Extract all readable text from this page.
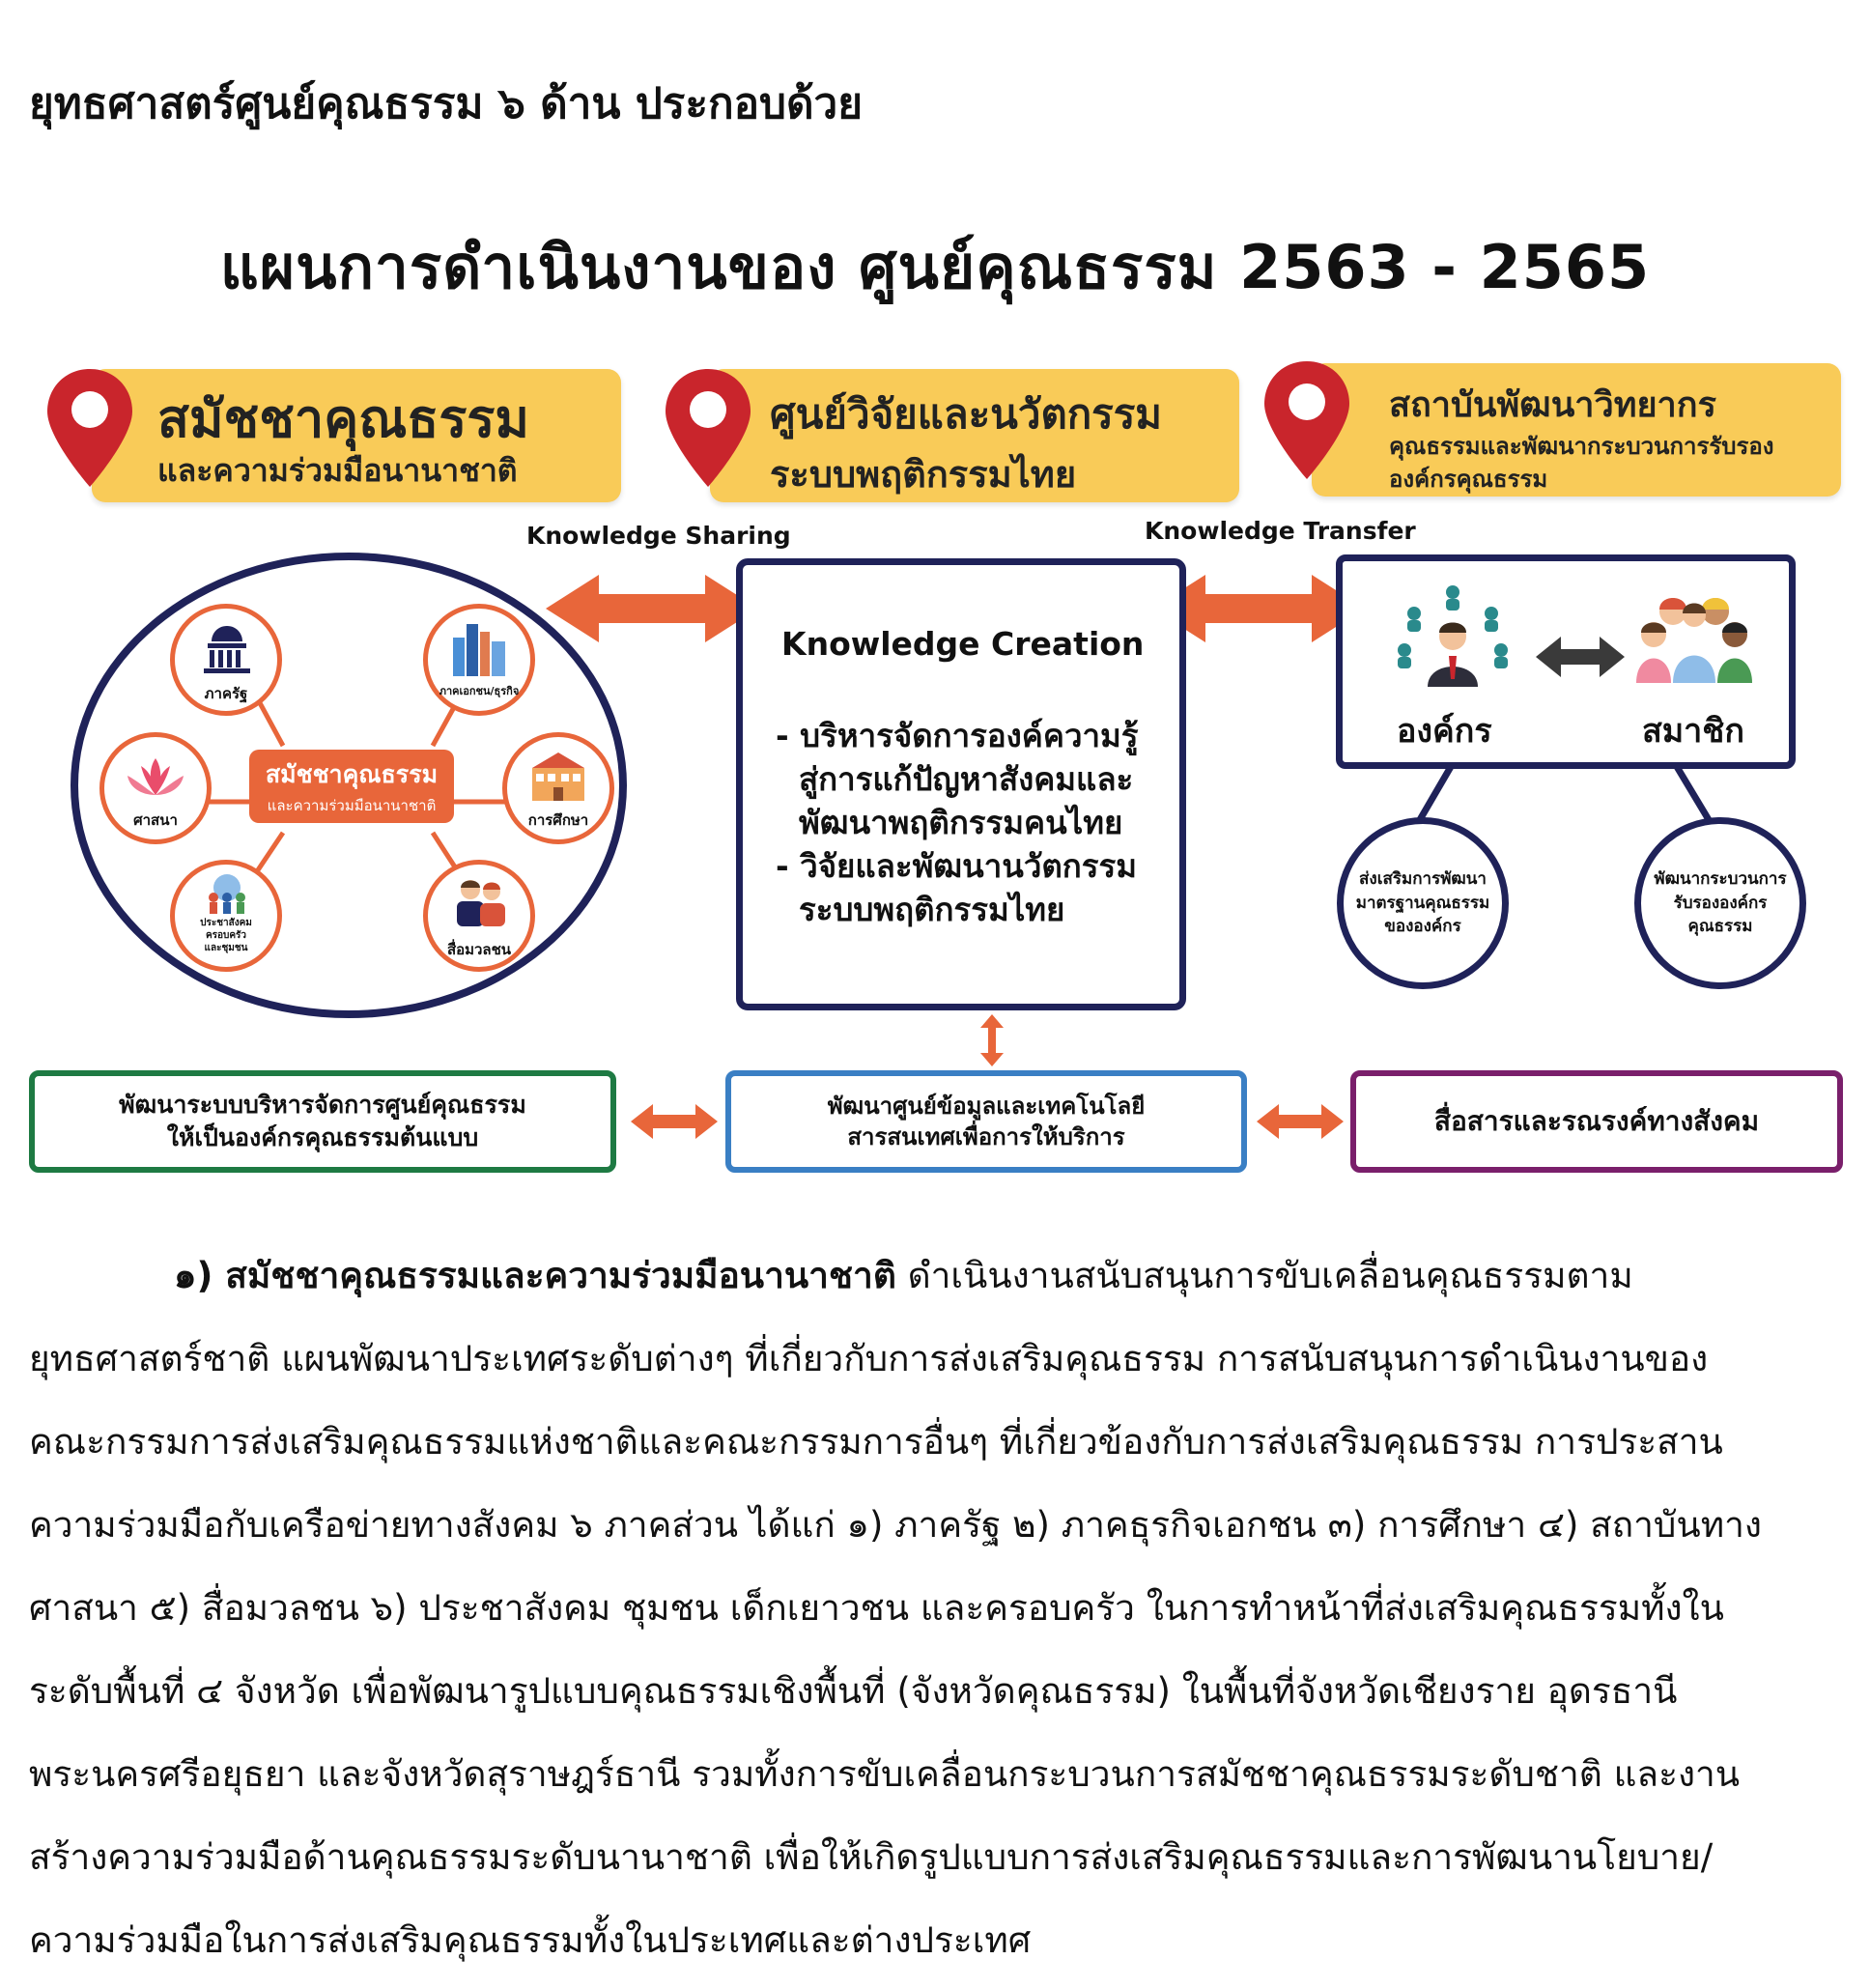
ยุทธศาสตร์ศูนย์คุณธรรม ๖ ด้าน ประกอบด้วย
แผนการดำเนินงานของ ศูนย์คุณธรรม 2563 - 2565
สมัชชาคุณธรรม
และความร่วมมือนานาชาติ
ศูนย์วิจัยและนวัตกรรม
ระบบพฤติกรรมไทย
สถาบันพัฒนาวิทยากร
คุณธรรมและพัฒนากระบวนการรับรอง
องค์กรคุณธรรม
Knowledge Sharing	Knowledge Transfer
ภาครัฐ	ภาคเอกชน/ธุรกิจ
ศาสนา	การศึกษา
ประชาสังคม
ครอบครัว
และชุมชน	สื่อมวลชน
สมัชชาคุณธรรม
และความร่วมมือนานาชาติ
Knowledge Creation
- บริหารจัดการองค์ความรู้
สู่การแก้ปัญหาสังคมและ
พัฒนาพฤติกรรมคนไทย
- วิจัยและพัฒนานวัตกรรม
ระบบพฤติกรรมไทย
องค์กร	สมาชิก
ส่งเสริมการพัฒนา
มาตรฐานคุณธรรม
ขององค์กร
พัฒนากระบวนการ
รับรององค์กร
คุณธรรม
พัฒนาระบบบริหารจัดการศูนย์คุณธรรม
ให้เป็นองค์กรคุณธรรมต้นแบบ
พัฒนาศูนย์ข้อมูลและเทคโนโลยี
สารสนเทศเพื่อการให้บริการ	สื่อสารและรณรงค์ทางสังคม
๑) สมัชชาคุณธรรมและความร่วมมือนานาชาติ ดำเนินงานสนับสนุนการขับเคลื่อนคุณธรรมตาม
ยุทธศาสตร์ชาติ แผนพัฒนาประเทศระดับต่างๆ ที่เกี่ยวกับการส่งเสริมคุณธรรม การสนับสนุนการดำเนินงานของ
คณะกรรมการส่งเสริมคุณธรรมแห่งชาติและคณะกรรมการอื่นๆ ที่เกี่ยวข้องกับการส่งเสริมคุณธรรม การประสาน
ความร่วมมือกับเครือข่ายทางสังคม ๖ ภาคส่วน ได้แก่ ๑) ภาครัฐ ๒) ภาคธุรกิจเอกชน ๓) การศึกษา ๔) สถาบันทาง
ศาสนา ๕) สื่อมวลชน ๖) ประชาสังคม ชุมชน เด็กเยาวชน และครอบครัว ในการทำหน้าที่ส่งเสริมคุณธรรมทั้งใน
ระดับพื้นที่ ๔ จังหวัด เพื่อพัฒนารูปแบบคุณธรรมเชิงพื้นที่ (จังหวัดคุณธรรม) ในพื้นที่จังหวัดเชียงราย อุดรธานี
พระนครศรีอยุธยา และจังหวัดสุราษฎร์ธานี รวมทั้งการขับเคลื่อนกระบวนการสมัชชาคุณธรรมระดับชาติ และงาน
สร้างความร่วมมือด้านคุณธรรมระดับนานาชาติ เพื่อให้เกิดรูปแบบการส่งเสริมคุณธรรมและการพัฒนานโยบาย/
ความร่วมมือในการส่งเสริมคุณธรรมทั้งในประเทศและต่างประเทศ
